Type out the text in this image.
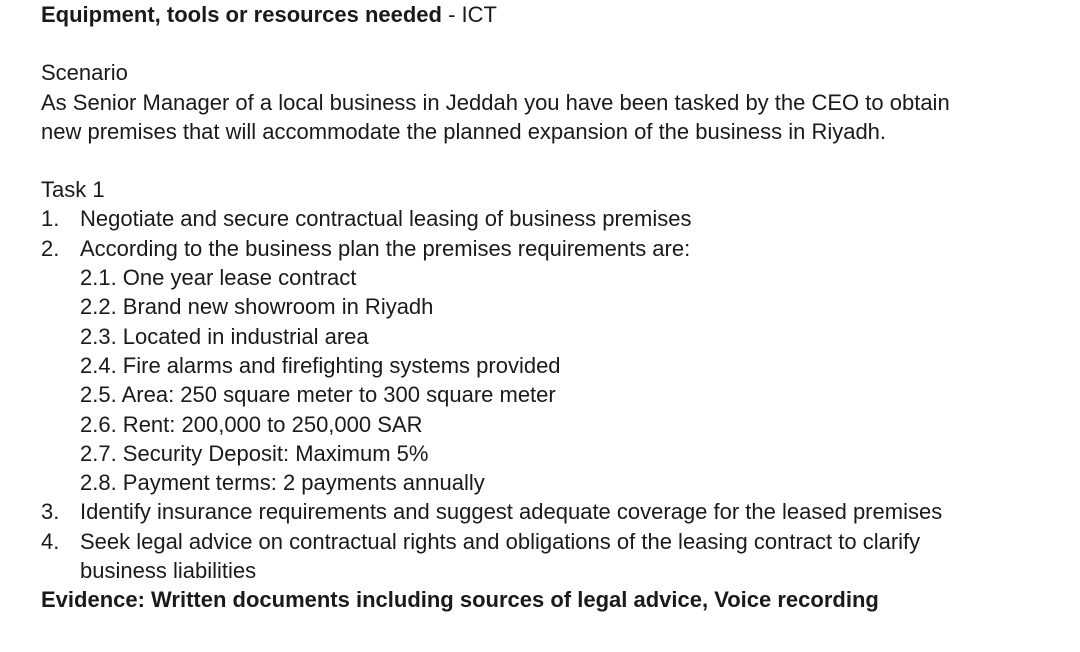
Equipment, tools or resources needed - ICT
Scenario
As Senior Manager of a local business in Jeddah you have been tasked by the CEO to obtain
new premises that will accommodate the planned expansion of the business in Riyadh.
Task 1
1. Negotiate and secure contractual leasing of business premises
2. According to the business plan the premises requirements are:
2.1. One year lease contract
2.2. Brand new showroom in Riyadh
2.3. Located in industrial area
2.4. Fire alarms and firefighting systems provided
2.5. Area: 250 square meter to 300 square meter
2.6. Rent: 200,000 to 250,000 SAR
2.7. Security Deposit: Maximum 5%
2.8. Payment terms: 2 payments annually
3. Identify insurance requirements and suggest adequate coverage for the leased premises
4. Seek legal advice on contractual rights and obligations of the leasing contract to clarify
business liabilities
Evidence: Written documents including sources of legal advice, Voice recording
